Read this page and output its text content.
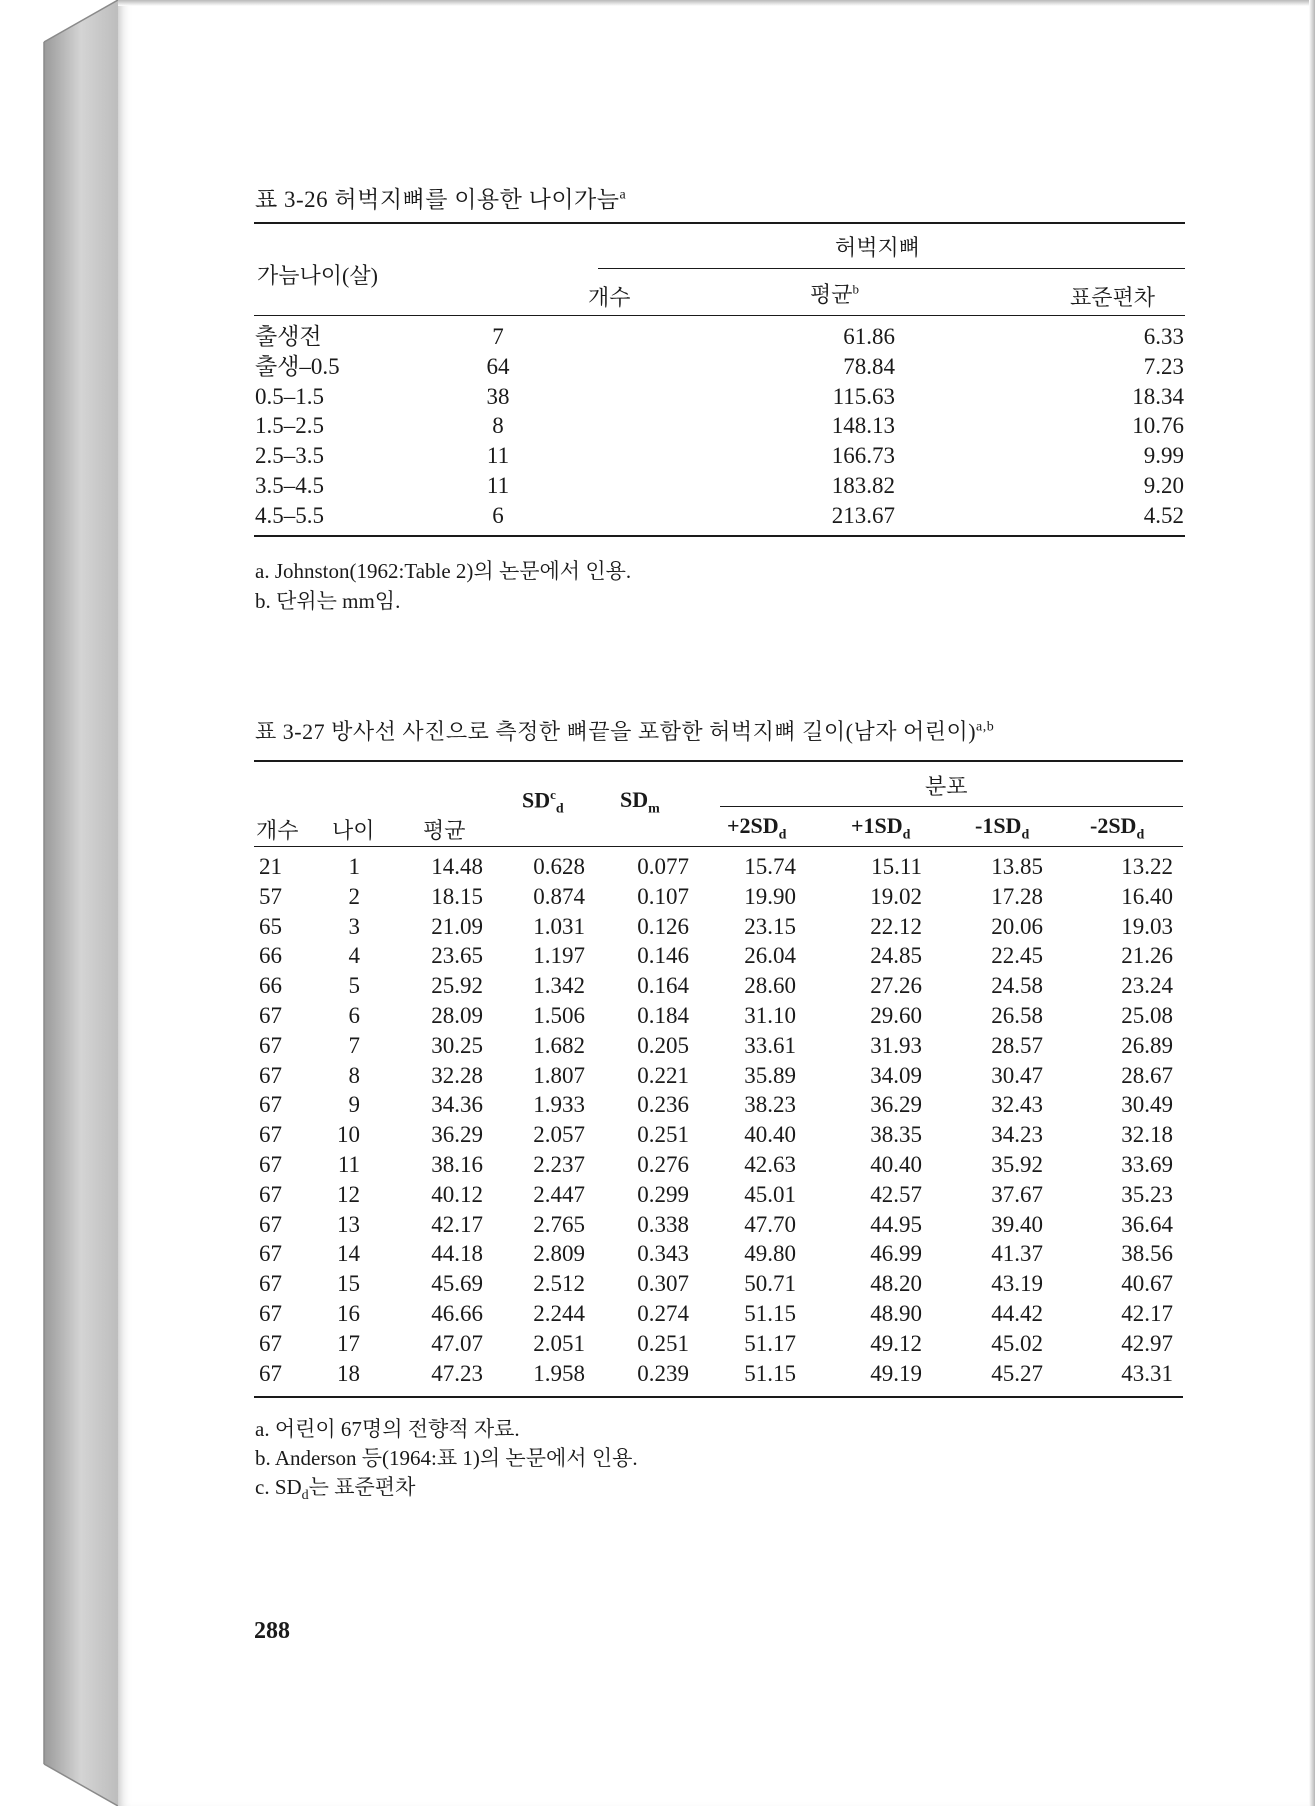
표 3-26 허벅지뼈를 이용한 나이가늠$^a$
가늠나이(살)
허벅지뼈
개수	평균$^b$	표준편차
출생전	7	61.86	6.33
출생–0.5	64	78.84	7.23
0.5–1.5	38	115.63	18.34
1.5–2.5	8	148.13	10.76
2.5–3.5	11	166.73	9.99
3.5–4.5	11	183.82	9.20
4.5–5.5	6	213.67	4.52
a. Johnston(1962:Table 2)의 논문에서 인용.
b. 단위는 mm임.
표 3-27 방사선 사진으로 측정한 뼈끝을 포함한 허벅지뼈 길이(남자 어린이)$^{a,b}$
개수 나이 평균
$SD^c_d$	$SD_m$
분포
$+2SD_d$	$+1SD_d$	$-1SD_d$	$-2SD_d$
21	1	14.48	0.628	0.077	15.74	15.11	13.85	13.22
57	2	18.15	0.874	0.107	19.90	19.02	17.28	16.40
65	3	21.09	1.031	0.126	23.15	22.12	20.06	19.03
66	4	23.65	1.197	0.146	26.04	24.85	22.45	21.26
66	5	25.92	1.342	0.164	28.60	27.26	24.58	23.24
67	6	28.09	1.506	0.184	31.10	29.60	26.58	25.08
67	7	30.25	1.682	0.205	33.61	31.93	28.57	26.89
67	8	32.28	1.807	0.221	35.89	34.09	30.47	28.67
67	9	34.36	1.933	0.236	38.23	36.29	32.43	30.49
67	10	36.29	2.057	0.251	40.40	38.35	34.23	32.18
67	11	38.16	2.237	0.276	42.63	40.40	35.92	33.69
67	12	40.12	2.447	0.299	45.01	42.57	37.67	35.23
67	13	42.17	2.765	0.338	47.70	44.95	39.40	36.64
67	14	44.18	2.809	0.343	49.80	46.99	41.37	38.56
67	15	45.69	2.512	0.307	50.71	48.20	43.19	40.67
67	16	46.66	2.244	0.274	51.15	48.90	44.42	42.17
67	17	47.07	2.051	0.251	51.17	49.12	45.02	42.97
67	18	47.23	1.958	0.239	51.15	49.19	45.27	43.31
a. 어린이 67명의 전향적 자료.
b. Anderson 등(1964:표 1)의 논문에서 인용.
c. $SD_d$는 표준편차
288
